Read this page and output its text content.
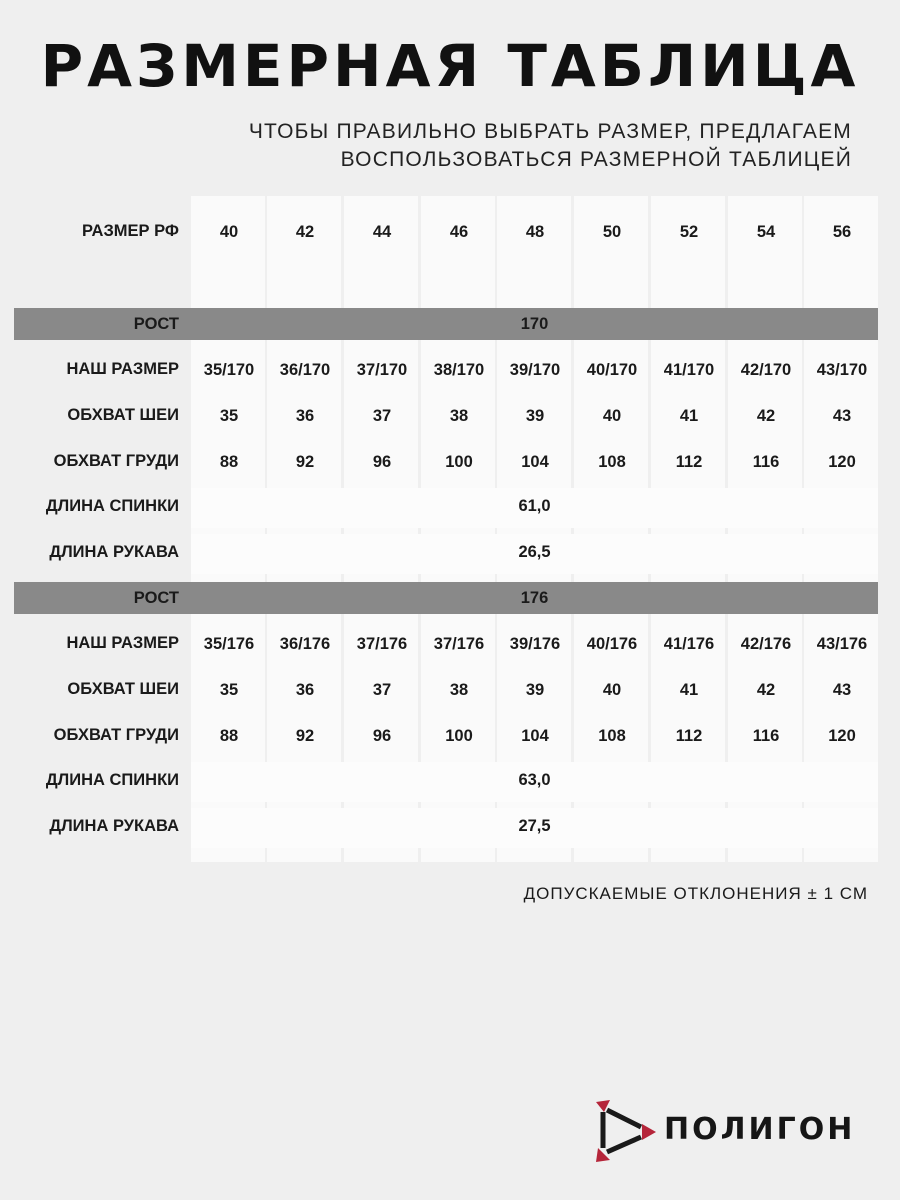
РАЗМЕРНАЯ ТАБЛИЦА
ЧТОБЫ ПРАВИЛЬНО ВЫБРАТЬ РАЗМЕР, ПРЕДЛАГАЕМ
ВОСПОЛЬЗОВАТЬСЯ РАЗМЕРНОЙ ТАБЛИЦЕЙ
РАЗМЕР РФ	40	42	44	46	48	50	52	54	56
РОСТ	170
НАШ РАЗМЕР	35/170	36/170	37/170	38/170	39/170	40/170	41/170	42/170	43/170
ОБХВАТ ШЕИ	35	36	37	38	39	40	41	42	43
ОБХВАТ ГРУДИ	88	92	96	100	104	108	112	116	120
ДЛИНА СПИНКИ	61,0
ДЛИНА РУКАВА	26,5
РОСТ	176
НАШ РАЗМЕР	35/176	36/176	37/176	37/176	39/176	40/176	41/176	42/176	43/176
ОБХВАТ ШЕИ	35	36	37	38	39	40	41	42	43
ОБХВАТ ГРУДИ	88	92	96	100	104	108	112	116	120
ДЛИНА СПИНКИ	63,0
ДЛИНА РУКАВА	27,5
ДОПУСКАЕМЫЕ ОТКЛОНЕНИЯ ± 1 СМ
ПОЛИГОН
